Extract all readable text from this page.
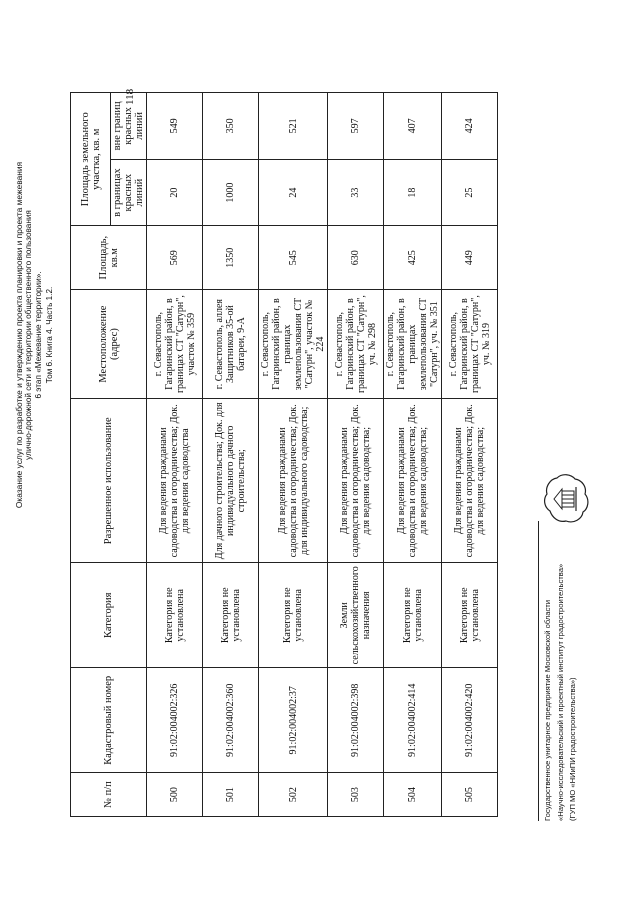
Оказание услуг по разработке и утверждению проекта планировки и проекта межевания улично-дорожной сети и территории общественного пользования 6 этап «Межевание территории». Том 6. Книга 4. Часть 1.2.
№ п/п	Кадастровый номер	Категория	Разрешенное использование	Местоположение (адрес)	Площадь, кв.м	Площадь земельного участка, кв. м	
						в границах красных линий	вне границ красных линий
500	91:02:004002:326	Категория не установлена	Для ведения гражданами садоводства и огородничества; Док. для ведения садоводства	г. Севастополь, Гагаринский район, в границах СТ "Сатурн", участок № 359	569	20	549
501	91:02:004002:360	Категория не установлена	Для дачного строительства; Док. для индивидуального дачного строительства;	г. Севастополь, аллея Защитников 35-ой батареи, 9-А	1350	1000	350
502	91:02:004002:37	Категория не установлена	Для ведения гражданами садоводства и огородничества; Док. для индивидуального садоводства;	г. Севастополь, Гагаринский район, в границах землепользования СТ "Сатурн", участок № 224	545	24	521
503	91:02:004002:398	Земли сельскохозяйственного назначения	Для ведения гражданами садоводства и огородничества; Док. для ведения садоводства;	г. Севастополь, Гагаринский район, в границах СТ "Сатурн", уч. № 298	630	33	597
504	91:02:004002:414	Категория не установлена	Для ведения гражданами садоводства и огородничества; Док. для ведения садоводства;	г. Севастополь, Гагаринский район, в границах землепользования СТ "Сатурн", уч. № 351	425	18	407
505	91:02:004002:420	Категория не установлена	Для ведения гражданами садоводства и огородничества; Док. для ведения садоводства;	г. Севастополь, Гагаринский район, в границах СТ "Сатурн", уч. № 319	449	25	424
118
Государственное унитарное предприятие Московской области «Научно-исследовательский и проектный институт градостроительства» (ГУП МО «НИиПИ градостроительства»)
